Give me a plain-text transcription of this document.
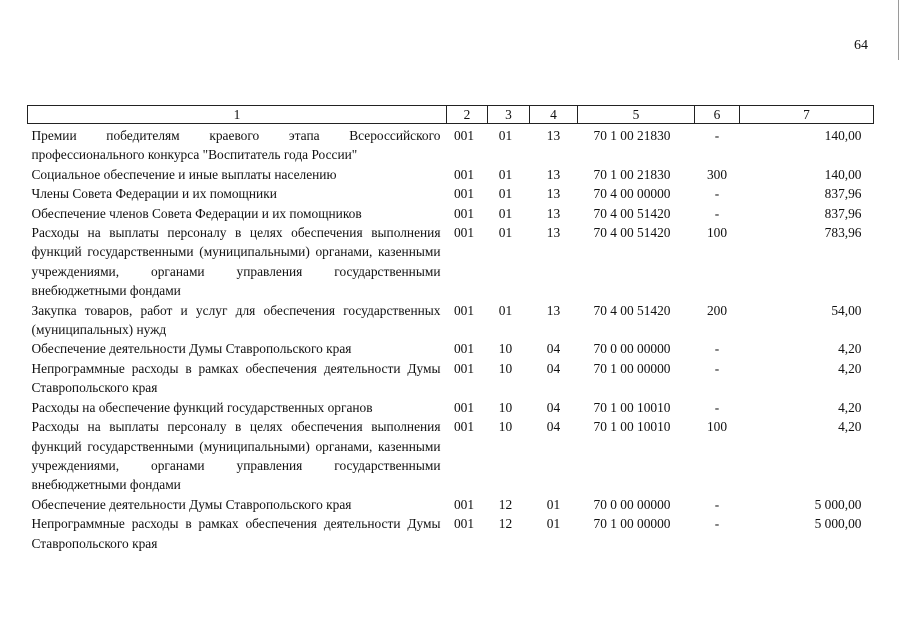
64
1	2	3	4	5	6	7
Премии победителям краевого этапа Всероссийского профессионального конкурса "Воспитатель года России"	001	01	13	70 1 00 21830	-	140,00
Социальное обеспечение и иные выплаты населению	001	01	13	70 1 00 21830	300	140,00
Члены Совета Федерации и их помощники	001	01	13	70 4 00 00000	-	837,96
Обеспечение членов Совета Федерации и их помощников	001	01	13	70 4 00 51420	-	837,96
Расходы на выплаты персоналу в целях обеспечения выполнения функций государственными (муниципальными) органами, казенными учреждениями, органами управления государственными внебюджетными фондами	001	01	13	70 4 00 51420	100	783,96
Закупка товаров, работ и услуг для обеспечения государственных (муниципальных) нужд	001	01	13	70 4 00 51420	200	54,00
Обеспечение деятельности Думы Ставропольского края	001	10	04	70 0 00 00000	-	4,20
Непрограммные расходы в рамках обеспечения деятельности Думы Ставропольского края	001	10	04	70 1 00 00000	-	4,20
Расходы на обеспечение функций государственных органов	001	10	04	70 1 00 10010	-	4,20
Расходы на выплаты персоналу в целях обеспечения выполнения функций государственными (муниципальными) органами, казенными учреждениями, органами управления государственными внебюджетными фондами	001	10	04	70 1 00 10010	100	4,20
Обеспечение деятельности Думы Ставропольского края	001	12	01	70 0 00 00000	-	5 000,00
Непрограммные расходы в рамках обеспечения деятельности Думы Ставропольского края	001	12	01	70 1 00 00000	-	5 000,00
